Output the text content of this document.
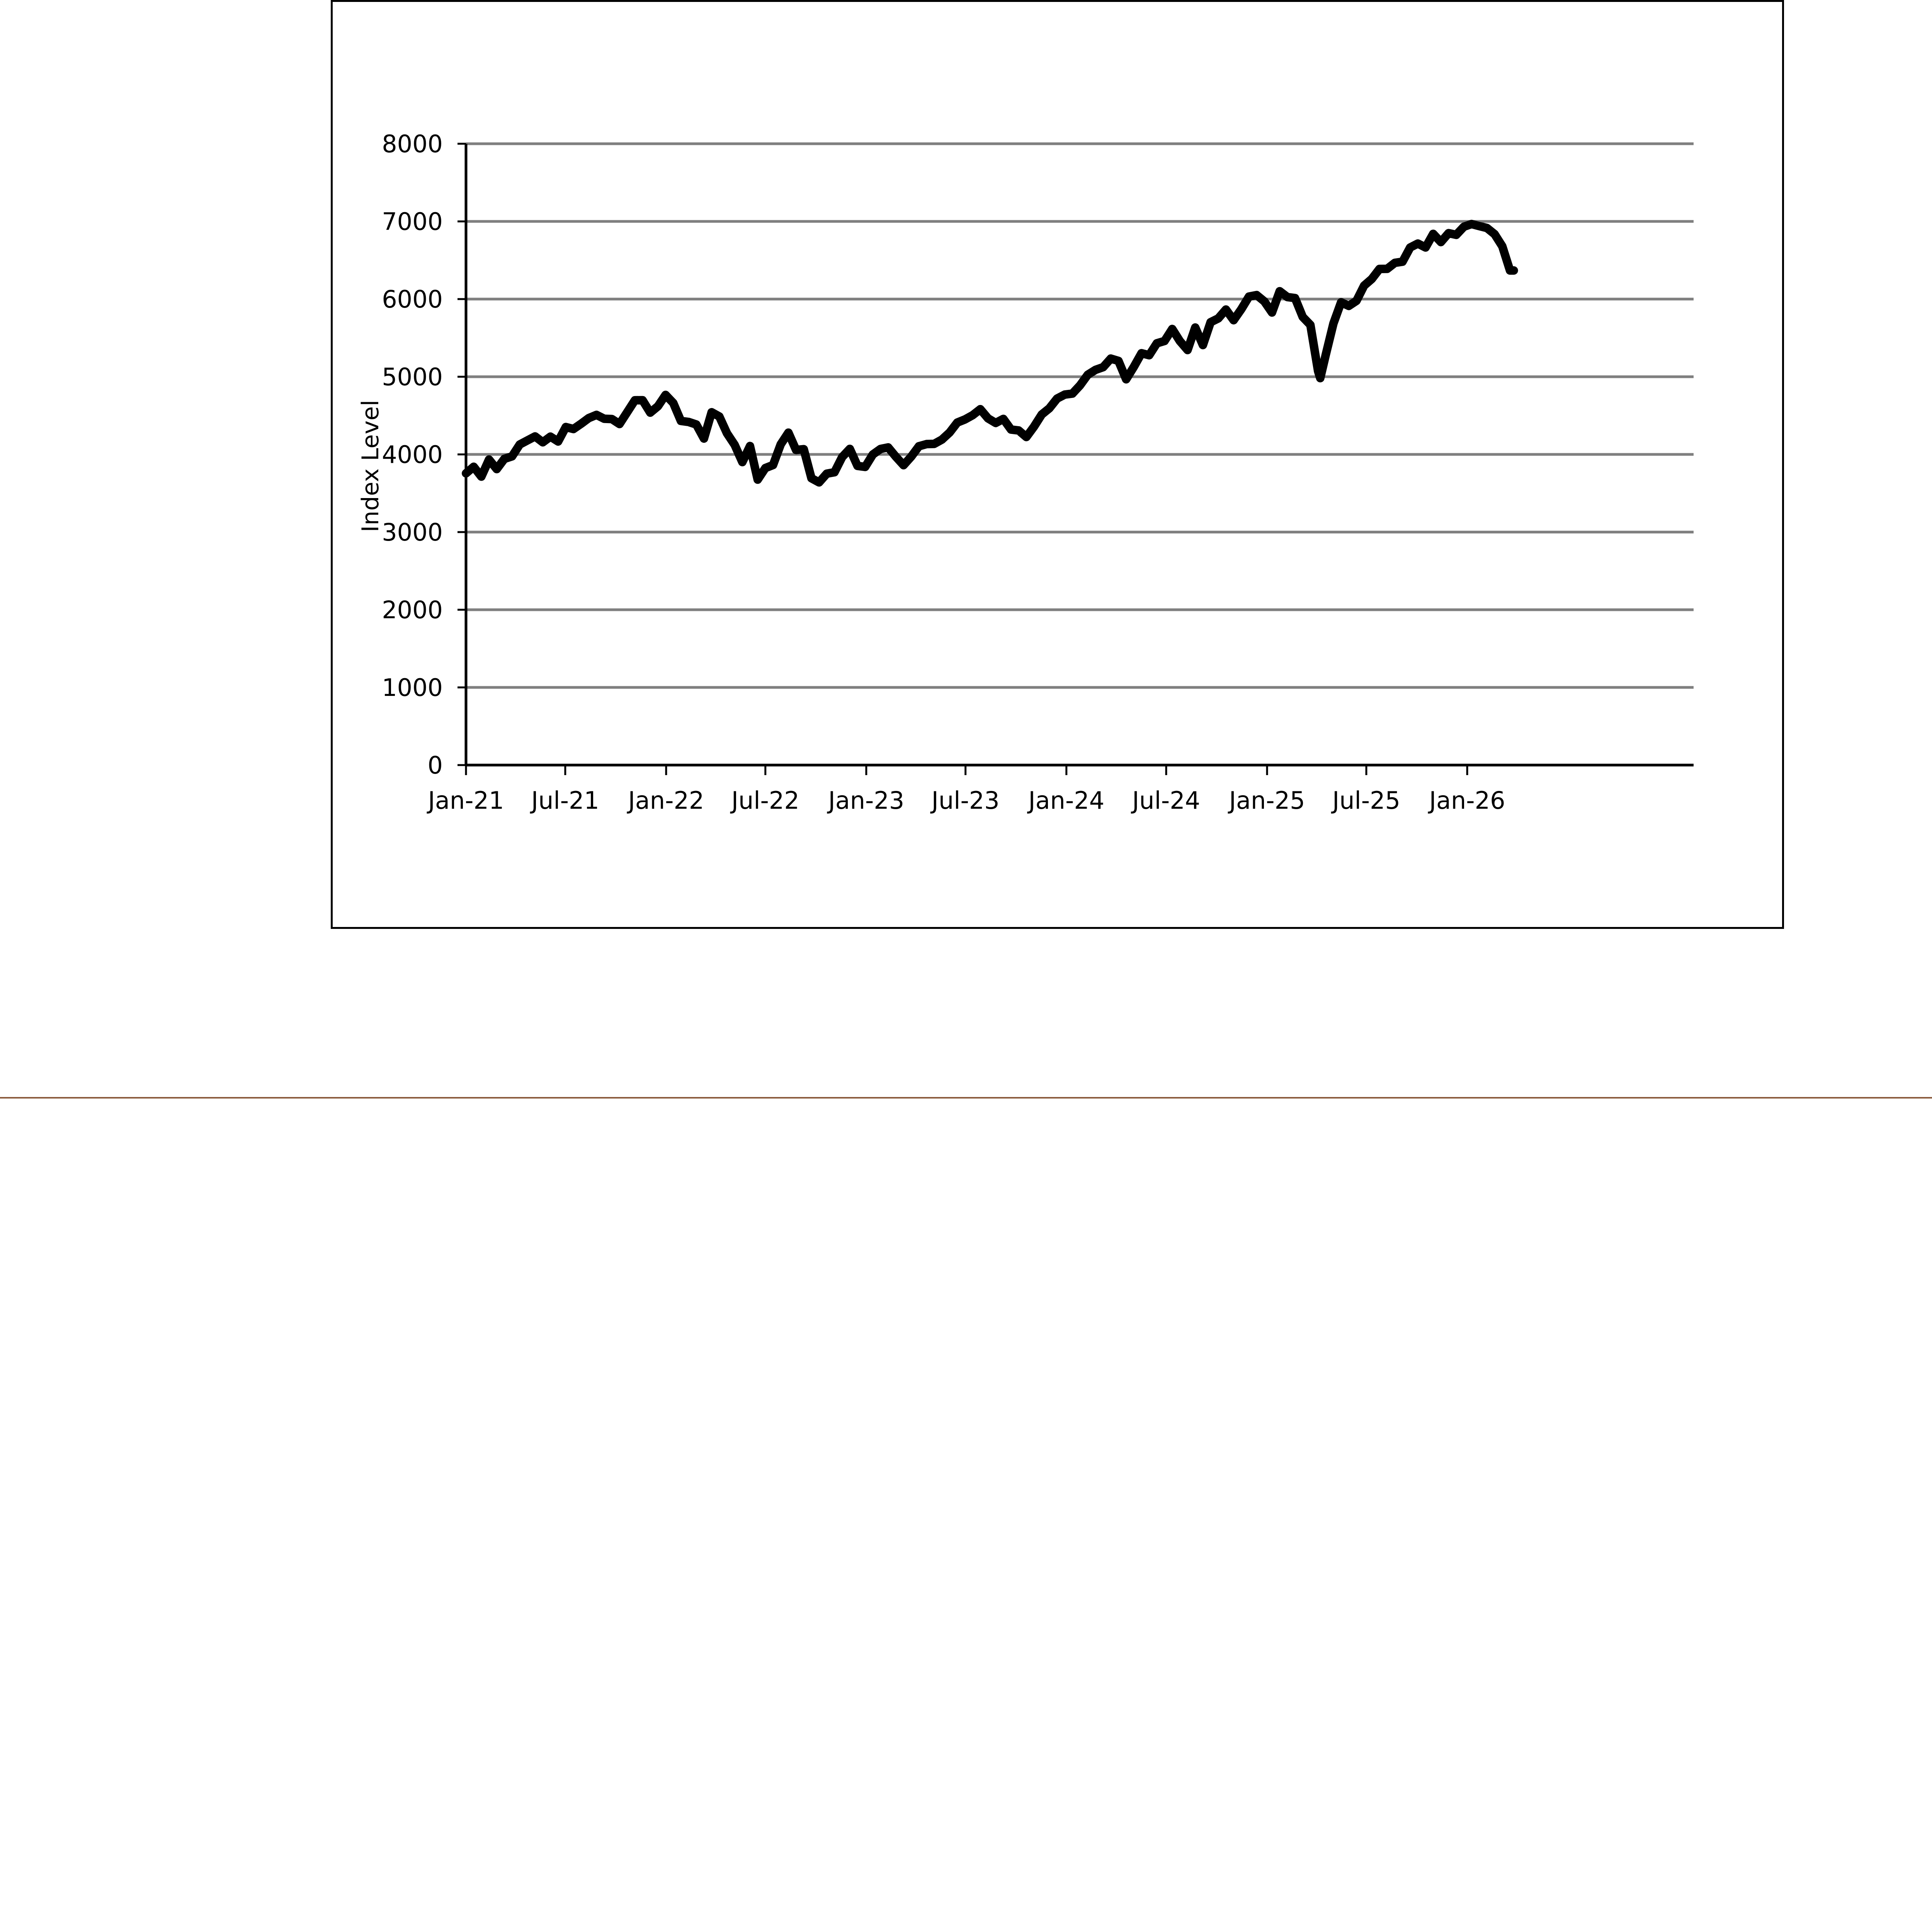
0
1000
2000
3000
4000
5000
6000
7000
8000
Jan-21 Jul-21 Jan-22 Jul-22 Jan-23 Jul-23 Jan-24 Jul-24 Jan-25 Jul-25 Jan-26
Index Level
